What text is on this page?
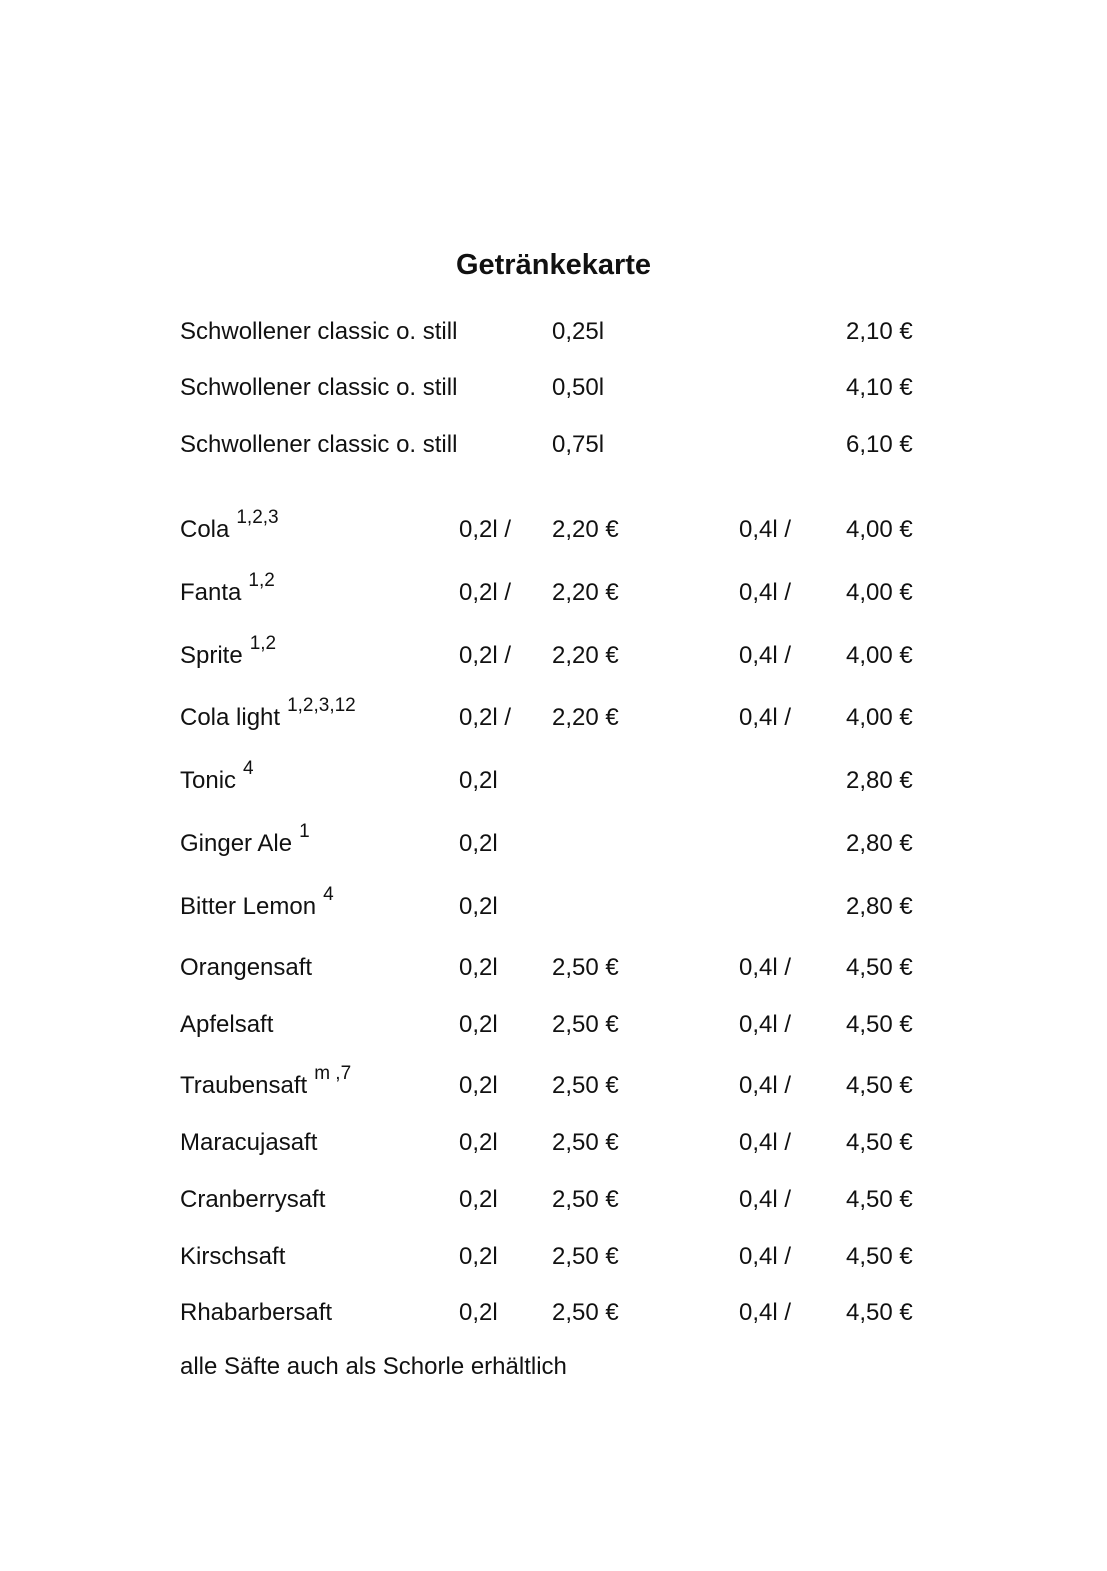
Getränkekarte
Schwollener classic o. still	0,25l	2,10 €
Schwollener classic o. still	0,50l	4,10 €
Schwollener classic o. still	0,75l	6,10 €
Cola $^{1,2,3}$	0,2l / 2,20 €	0,4l / 4,00 €
Fanta $^{1,2}$	0,2l / 2,20 €	0,4l / 4,00 €
Sprite $^{1,2}$	0,2l / 2,20 €	0,4l / 4,00 €
Cola light $^{1,2,3,12}$	0,2l / 2,20 €	0,4l / 4,00 €
Tonic $^4$	0,2l	2,80 €
Ginger Ale $^1$	0,2l	2,80 €
Bitter Lemon $^4$	0,2l	2,80 €
Orangensaft	0,2l 2,50 €	0,4l / 4,50 €
Apfelsaft	0,2l 2,50 €	0,4l / 4,50 €
Traubensaft $^{m ,7}$	0,2l 2,50 €	0,4l / 4,50 €
Maracujasaft	0,2l 2,50 €	0,4l / 4,50 €
Cranberrysaft	0,2l 2,50 €	0,4l / 4,50 €
Kirschsaft	0,2l 2,50 €	0,4l / 4,50 €
Rhabarbersaft	0,2l 2,50 €	0,4l / 4,50 €
alle Säfte auch als Schorle erhältlich
